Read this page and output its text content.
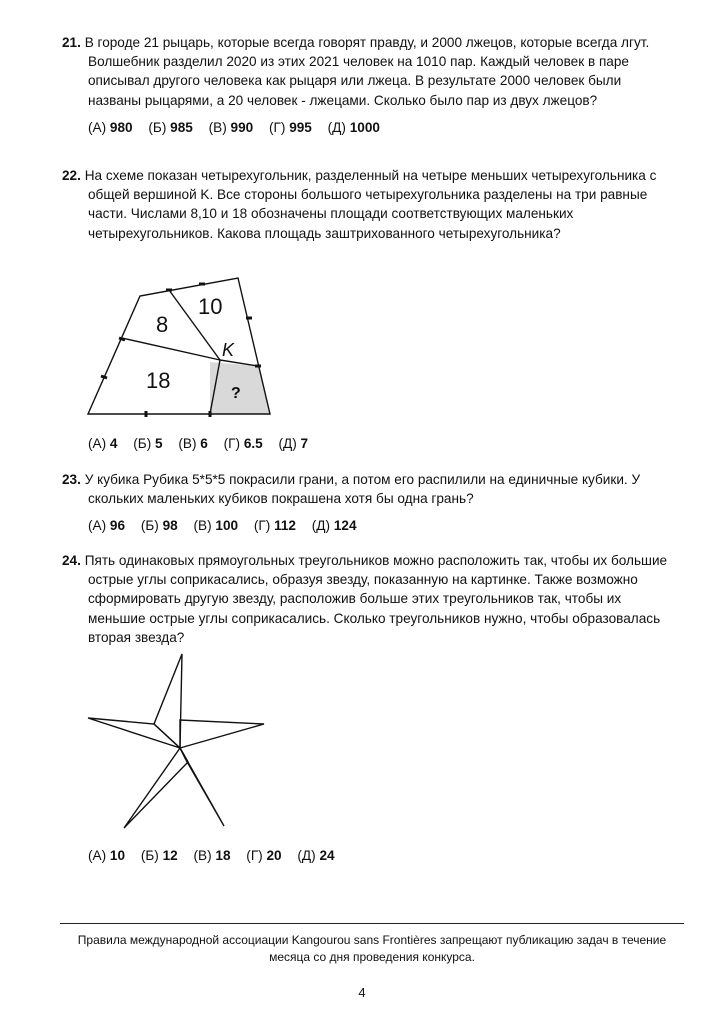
21. В городе 21 рыцарь, которые всегда говорят правду, и 2000 лжецов, которые всегда лгут. Волшебник разделил 2020 из этих 2021 человек на 1010 пар. Каждый человек в паре описывал другого человека как рыцаря или лжеца. В результате 2000 человек были названы рыцарями, а 20 человек - лжецами. Сколько было пар из двух лжецов?
(А) 980 (Б) 985 (В) 990 (Г) 995 (Д) 1000
22. На схеме показан четырехугольник, разделенный на четыре меньших четырехугольника с общей вершиной K. Все стороны большого четырехугольника разделены на три равные части. Числами 8,10 и 18 обозначены площади соответствующих маленьких четырехугольников. Какова площадь заштрихованного четырехугольника?
10
8
18
K
?
(А) 4 (Б) 5 (В) 6 (Г) 6.5 (Д) 7
23. У кубика Рубика 5*5*5 покрасили грани, а потом его распилили на единичные кубики. У скольких маленьких кубиков покрашена хотя бы одна грань?
(А) 96 (Б) 98 (В) 100 (Г) 112 (Д) 124
24. Пять одинаковых прямоугольных треугольников можно расположить так, чтобы их большие острые углы соприкасались, образуя звезду, показанную на картинке. Также возможно сформировать другую звезду, расположив больше этих треугольников так, чтобы их меньшие острые углы соприкасались. Сколько треугольников нужно, чтобы образовалась вторая звезда?
(А) 10 (Б) 12 (В) 18 (Г) 20 (Д) 24
Правила международной ассоциации Kangourou sans Frontières запрещают публикацию задач в течение месяца со дня проведения конкурса.
4
